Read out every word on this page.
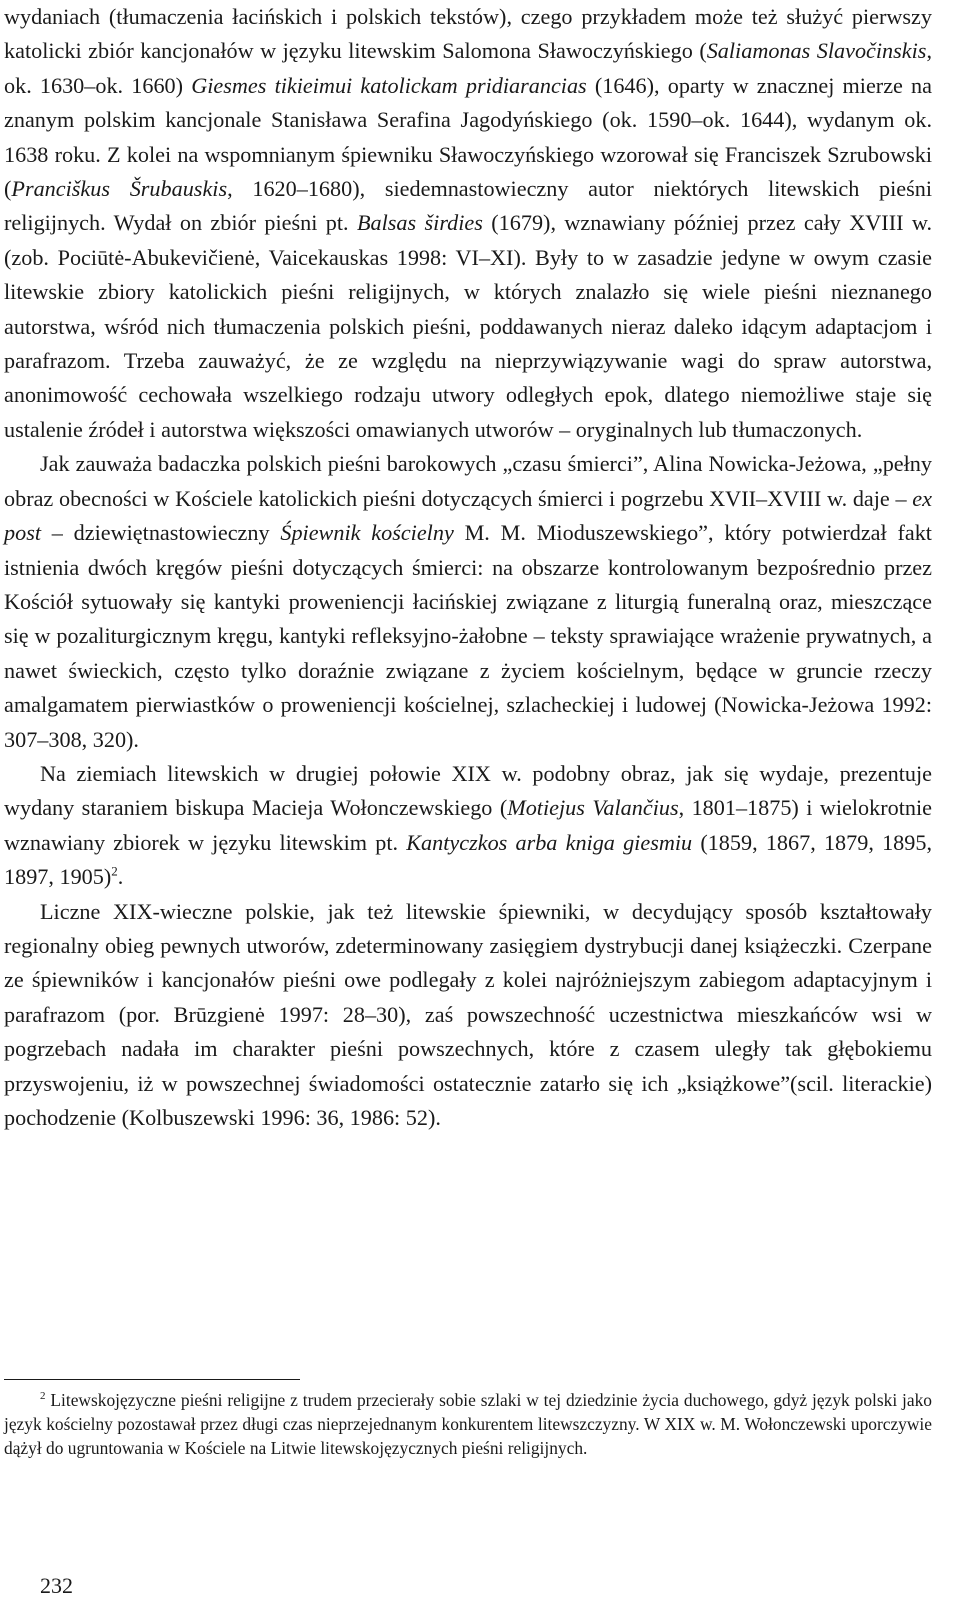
wydaniach (tłumaczenia łacińskich i polskich tekstów), czego przykładem może też służyć pierwszy katolicki zbiór kancjonałów w języku litewskim Salomona Sławoczyńskiego (Saliamonas Slavočinskis, ok. 1630–ok. 1660) Giesmes tikieimui katolickam pridiarancias (1646), oparty w znacznej mierze na znanym polskim kancjonale Stanisława Serafina Jagodyńskiego (ok. 1590–ok. 1644), wydanym ok. 1638 roku. Z kolei na wspomnianym śpiewniku Sławoczyńskiego wzorował się Franciszek Szrubowski (Pranciškus Šrubauskis, 1620–1680), siedemnastowieczny autor niektórych litewskich pieśni religijnych. Wydał on zbiór pieśni pt. Balsas širdies (1679), wznawiany później przez cały XVIII w. (zob. Pociūtė-Abukevičienė, Vaicekauskas 1998: VI–XI). Były to w zasadzie jedyne w owym czasie litewskie zbiory katolickich pieśni religijnych, w których znalazło się wiele pieśni nieznanego autorstwa, wśród nich tłumaczenia polskich pieśni, poddawanych nieraz daleko idącym adaptacjom i parafrazom. Trzeba zauważyć, że ze względu na nieprzywiązywanie wagi do spraw autorstwa, anonimowość cechowała wszelkiego rodzaju utwory odległych epok, dlatego niemożliwe staje się ustalenie źródeł i autorstwa większości omawianych utworów – oryginalnych lub tłumaczonych.

Jak zauważa badaczka polskich pieśni barokowych „czasu śmierci”, Alina Nowicka-Jeżowa, „pełny obraz obecności w Kościele katolickich pieśni dotyczących śmierci i pogrzebu XVII–XVIII w. daje – ex post – dziewiętnastowieczny Śpiewnik kościelny M. M. Mioduszewskiego”, który potwierdzał fakt istnienia dwóch kręgów pieśni dotyczących śmierci: na obszarze kontrolowanym bezpośrednio przez Kościół sytuowały się kantyki proweniencji łacińskiej związane z liturgią funeralną oraz, mieszczące się w pozaliturgicznym kręgu, kantyki refleksyjno-żałobne – teksty sprawiające wrażenie prywatnych, a nawet świeckich, często tylko doraźnie związane z życiem kościelnym, będące w gruncie rzeczy amalgamatem pierwiastków o proweniencji kościelnej, szlacheckiej i ludowej (Nowicka-Jeżowa 1992: 307–308, 320).

Na ziemiach litewskich w drugiej połowie XIX w. podobny obraz, jak się wydaje, prezentuje wydany staraniem biskupa Macieja Wołonczewskiego (Motiejus Valančius, 1801–1875) i wielokrotnie wznawiany zbiorek w języku litewskim pt. Kantyczkos arba kniga giesmiu (1859, 1867, 1879, 1895, 1897, 1905)$^2$.

Liczne XIX-wieczne polskie, jak też litewskie śpiewniki, w decydujący sposób kształtowały regionalny obieg pewnych utworów, zdeterminowany zasięgiem dystrybucji danej książeczki. Czerpane ze śpiewników i kancjonałów pieśni owe podlegały z kolei najróżniejszym zabiegom adaptacyjnym i parafrazom (por. Brūzgienė 1997: 28–30), zaś powszechność uczestnictwa mieszkańców wsi w pogrzebach nadała im charakter pieśni powszechnych, które z czasem uległy tak głębokiemu przyswojeniu, iż w powszechnej świadomości ostatecznie zatarło się ich „książkowe”(scil. literackie) pochodzenie (Kolbuszewski 1996: 36, 1986: 52).

$^2$ Litewskojęzyczne pieśni religijne z trudem przecierały sobie szlaki w tej dziedzinie życia duchowego, gdyż język polski jako język kościelny pozostawał przez długi czas nieprzejednanym konkurentem litewszczyzny. W XIX w. M. Wołonczewski uporczywie dążył do ugruntowania w Kościele na Litwie litewskojęzycznych pieśni religijnych.

232
